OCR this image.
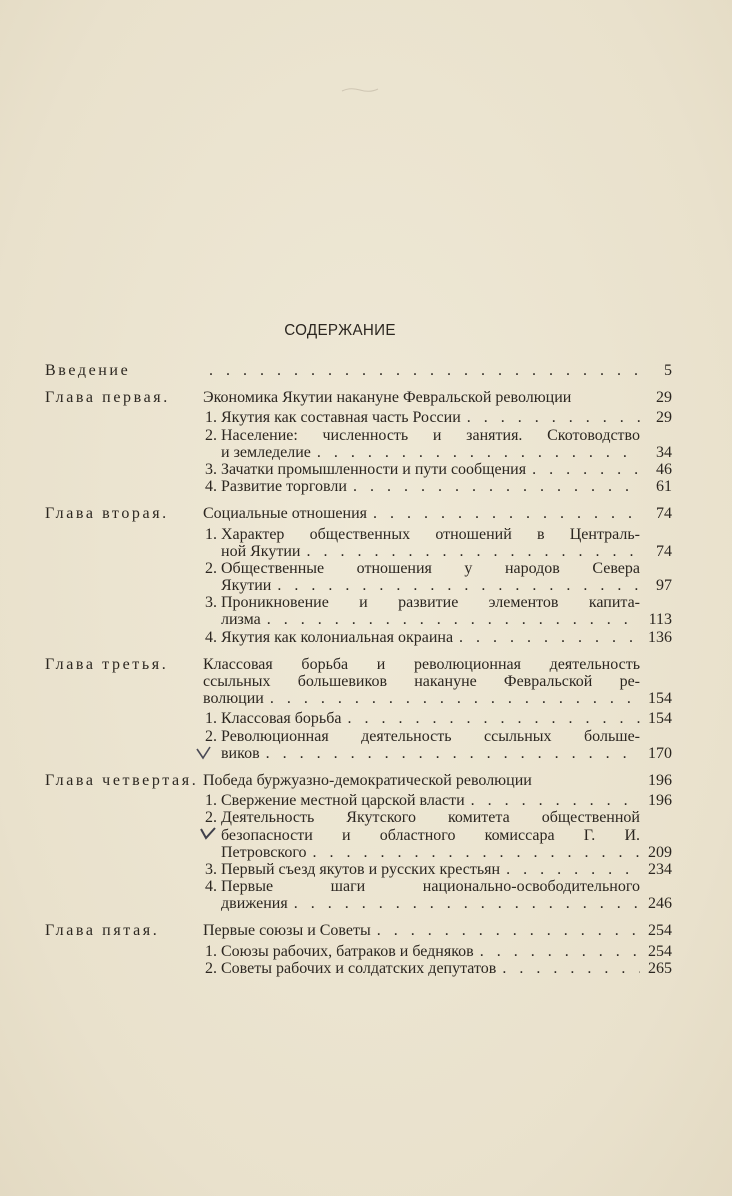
СОДЕРЖАНИЕ
Введение . . .	5
Глава первая.	Экономика Якутии накануне Февральской революции	29
1. Якутия как составная часть России . . .	29
2. Население: численность и занятия. Скотоводство
и земледелие . . .	34
3. Зачатки промышленности и пути сообщения . . .	46
4. Развитие торговли . . .	61
Глава вторая.	Социальные отношения . . .	74
1. Характер общественных отношений в Централь-
ной Якутии . . .	74
2. Общественные отношения у народов Севера
Якутии . . .	97
3. Проникновение и развитие элементов капита-
лизма . . .	113
4. Якутия как колониальная окраина . . .	136
Глава третья.	Классовая борьба и революционная деятельность
ссыльных большевиков накануне Февральской ре-
волюции . . .	154
1. Классовая борьба . . .	154
2. Революционная деятельность ссыльных больше-
виков . . .	170
Глава четвертая. Победа буржуазно-демократической революции	196
1. Свержение местной царской власти . . .	196
2. Деятельность Якутского комитета общественной
безопасности и областного комиссара Г. И.
Петровского . . .	209
3. Первый съезд якутов и русских крестьян . . .	234
4. Первые шаги национально-освободительного
движения . . .	246
Глава пятая.	Первые союзы и Советы . . .	254
1. Союзы рабочих, батраков и бедняков . . .	254
2. Советы рабочих и солдатских депутатов . . .	265
